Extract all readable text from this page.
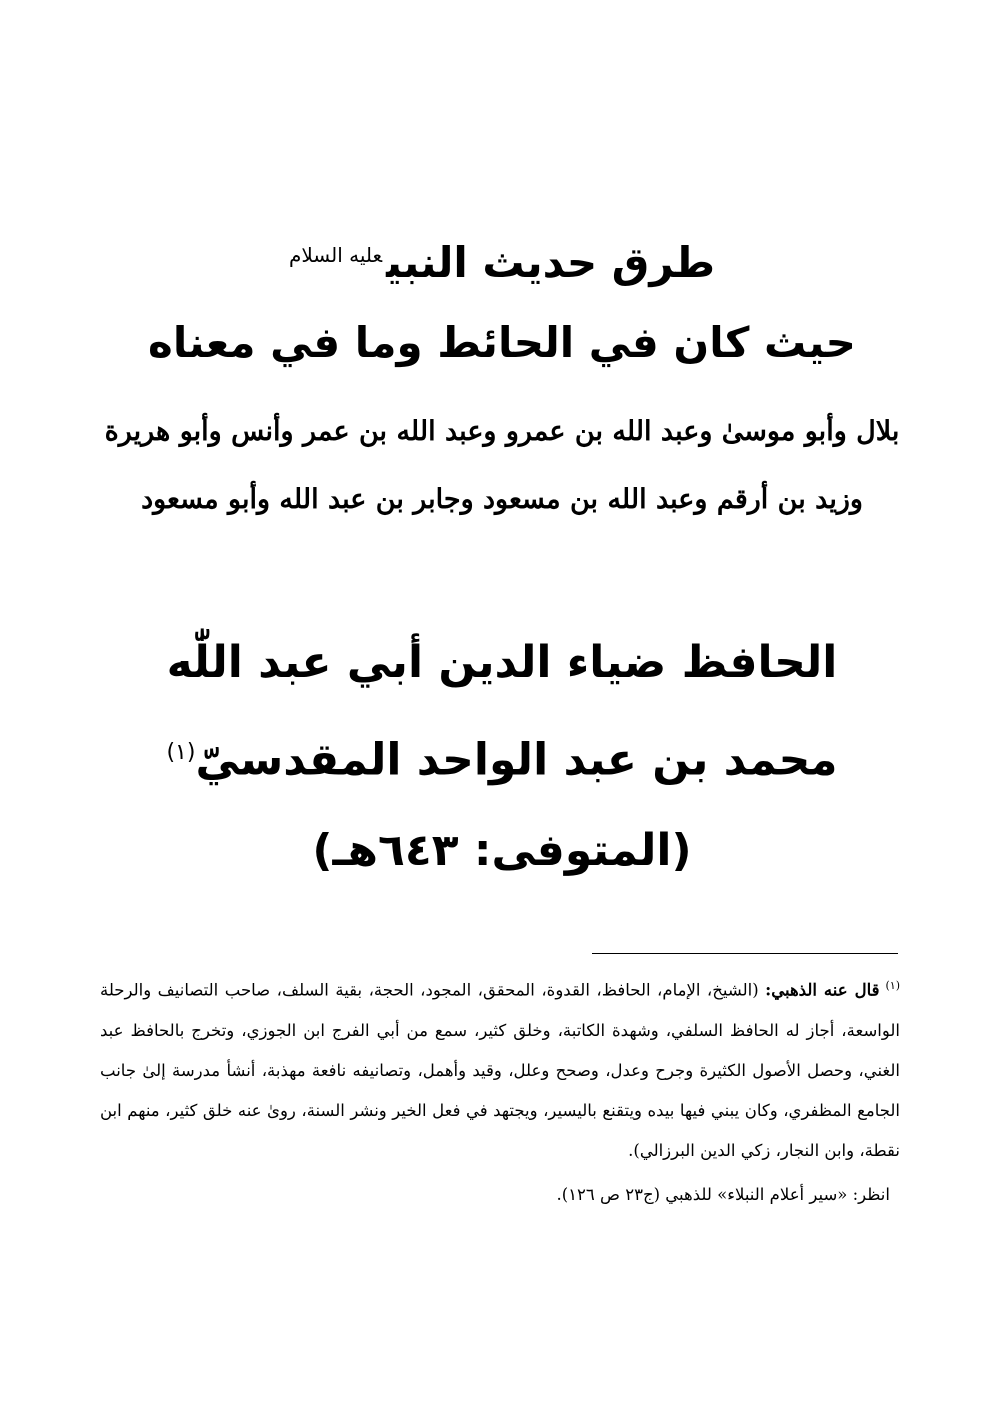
طرق حديث النبي$^{عليه السلام}$
حيث كان في الحائط وما في معناه
بلال وأبو موسىٰ وعبد الله بن عمرو وعبد الله بن عمر وأنس وأبو هريرة
وزيد بن أرقم وعبد الله بن مسعود وجابر بن عبد الله وأبو مسعود
الحافظ ضياء الدين أبي عبد اللّٰه
محمد بن عبد الواحد المقدسيّ$^{(١)}$
(المتوفى: ٦٤٣هـ)
$^{(١)}$قال عنه الذهبي: (الشيخ، الإمام، الحافظ، القدوة، المحقق، المجود، الحجة، بقية السلف، صاحب التصانيف والرحلة الواسعة، أجاز له الحافظ السلفي، وشهدة الكاتبة، وخلق كثير، سمع من أبي الفرج ابن الجوزي، وتخرج بالحافظ عبد الغني، وحصل الأصول الكثيرة وجرح وعدل، وصحح وعلل، وقيد وأهمل، وتصانيفه نافعة مهذبة، أنشأ مدرسة إلىٰ جانب الجامع المظفري، وكان يبني فيها بيده ويتقنع باليسير، ويجتهد في فعل الخير ونشر السنة، روىٰ عنه خلق كثير، منهم ابن نقطة، وابن النجار، زكي الدين البرزالي).
انظر: «سير أعلام النبلاء» للذهبي (ج٢٣ ص ١٢٦).
